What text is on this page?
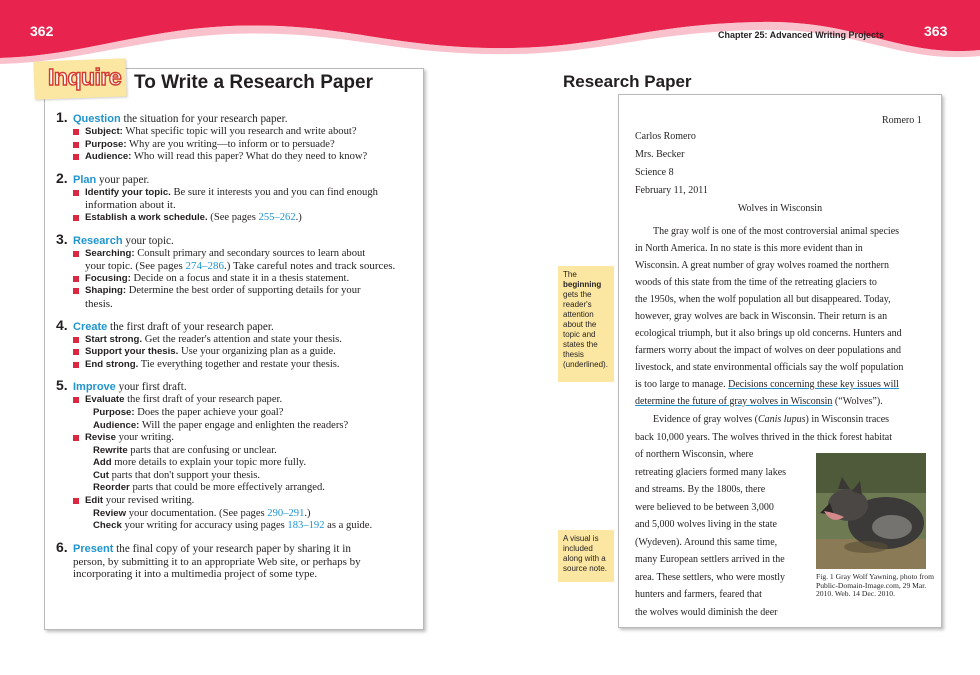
362	363
Chapter 25: Advanced Writing Projects
Inquire To Write a Research Paper
1. Question the situation for your research paper.
Subject: What specific topic will you research and write about?
Purpose: Why are you writing—to inform or to persuade?
Audience: Who will read this paper? What do they need to know?
2. Plan your paper.
Identify your topic. Be sure it interests you and you can find enough
information about it.
Establish a work schedule. (See pages 255–262.)
3. Research your topic.
Searching: Consult primary and secondary sources to learn about
your topic. (See pages 274–286.) Take careful notes and track sources.
Focusing: Decide on a focus and state it in a thesis statement.
Shaping: Determine the best order of supporting details for your
thesis.
4. Create the first draft of your research paper.
Start strong. Get the reader's attention and state your thesis.
Support your thesis. Use your organizing plan as a guide.
End strong. Tie everything together and restate your thesis.
5. Improve your first draft.
Evaluate the first draft of your research paper.
Purpose: Does the paper achieve your goal?
Audience: Will the paper engage and enlighten the readers?
Revise your writing.
Rewrite parts that are confusing or unclear.
Add more details to explain your topic more fully.
Cut parts that don't support your thesis.
Reorder parts that could be more effectively arranged.
Edit your revised writing.
Review your documentation. (See pages 290–291.)
Check your writing for accuracy using pages 183–192 as a guide.
6. Present the final copy of your research paper by sharing it in
person, by submitting it to an appropriate Web site, or perhaps by
incorporating it into a multimedia project of some type.
Research Paper
The
beginning
gets the reader's attention about the topic and states the thesis (underlined).
A visual is included along with a source note.
Romero 1
Carlos Romero
Mrs. Becker
Science 8
February 11, 2011
Wolves in Wisconsin
The gray wolf is one of the most controversial animal species
in North America. In no state is this more evident than in
Wisconsin. A great number of gray wolves roamed the northern
woods of this state from the time of the retreating glaciers to
the 1950s, when the wolf population all but disappeared. Today,
however, gray wolves are back in Wisconsin. Their return is an
ecological triumph, but it also brings up old concerns. Hunters and
farmers worry about the impact of wolves on deer populations and
livestock, and state environmental officials say the wolf population
is too large to manage. Decisions concerning these key issues will
determine the future of gray wolves in Wisconsin (“Wolves”).
Evidence of gray wolves (Canis lupus) in Wisconsin traces
back 10,000 years. The wolves thrived in the thick forest habitat
of northern Wisconsin, where
retreating glaciers formed many lakes
and streams. By the 1800s, there
were believed to be between 3,000
and 5,000 wolves living in the state
(Wydeven). Around this same time,
many European settlers arrived in the
area. These settlers, who were mostly
hunters and farmers, feared that
the wolves would diminish the deer
Fig. 1 Gray Wolf Yawning, photo from Public-Domain-Image.com, 29 Mar. 2010. Web. 14 Dec. 2010.
